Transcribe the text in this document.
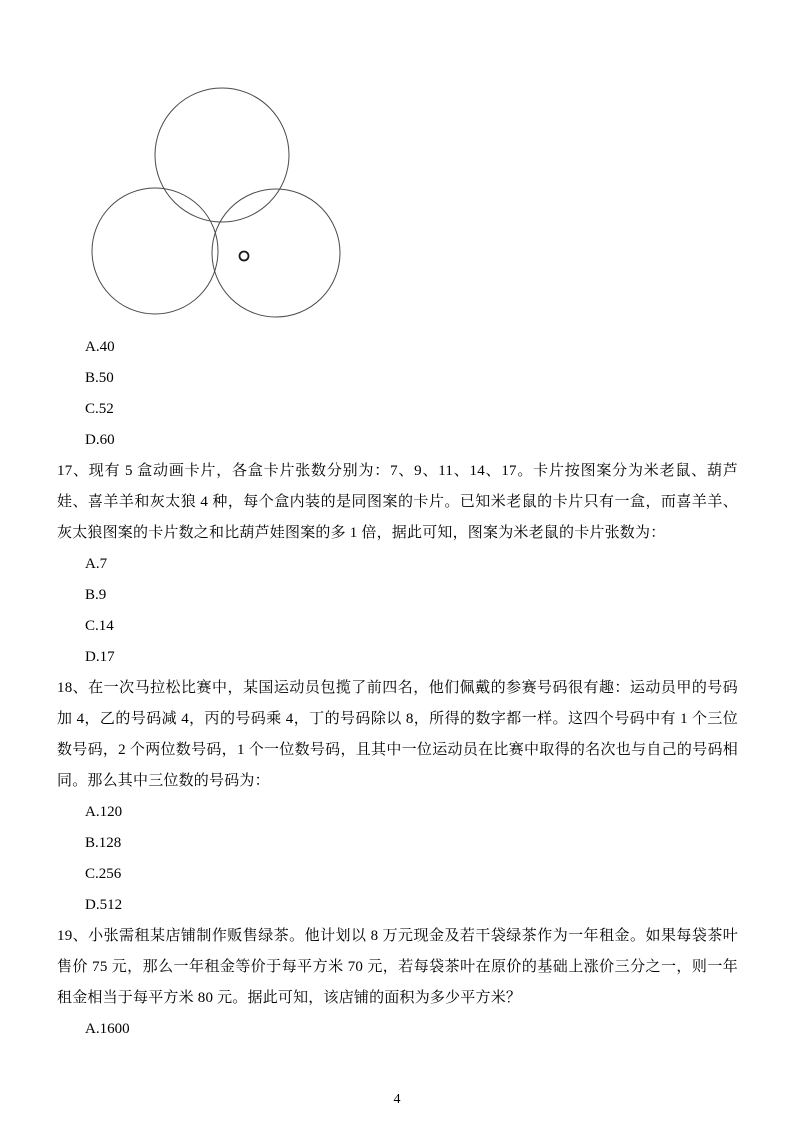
A.40
B.50
C.52
D.60

17、现有 5 盒动画卡片，各盒卡片张数分别为：7、9、11、14、17。卡片按图案分为米老鼠、葫芦娃、喜羊羊和灰太狼 4 种，每个盒内装的是同图案的卡片。已知米老鼠的卡片只有一盒，而喜羊羊、灰太狼图案的卡片数之和比葫芦娃图案的多 1 倍，据此可知，图案为米老鼠的卡片张数为：

A.7
B.9
C.14
D.17

18、在一次马拉松比赛中，某国运动员包揽了前四名，他们佩戴的参赛号码很有趣：运动员甲的号码加 4，乙的号码减 4，丙的号码乘 4，丁的号码除以 8，所得的数字都一样。这四个号码中有 1 个三位数号码，2 个两位数号码，1 个一位数号码，且其中一位运动员在比赛中取得的名次也与自己的号码相同。那么其中三位数的号码为：

A.120
B.128
C.256
D.512

19、小张需租某店铺制作贩售绿茶。他计划以 8 万元现金及若干袋绿茶作为一年租金。如果每袋茶叶售价 75 元，那么一年租金等价于每平方米 70 元，若每袋茶叶在原价的基础上涨价三分之一，则一年租金相当于每平方米 80 元。据此可知，该店铺的面积为多少平方米？

A.1600
4
